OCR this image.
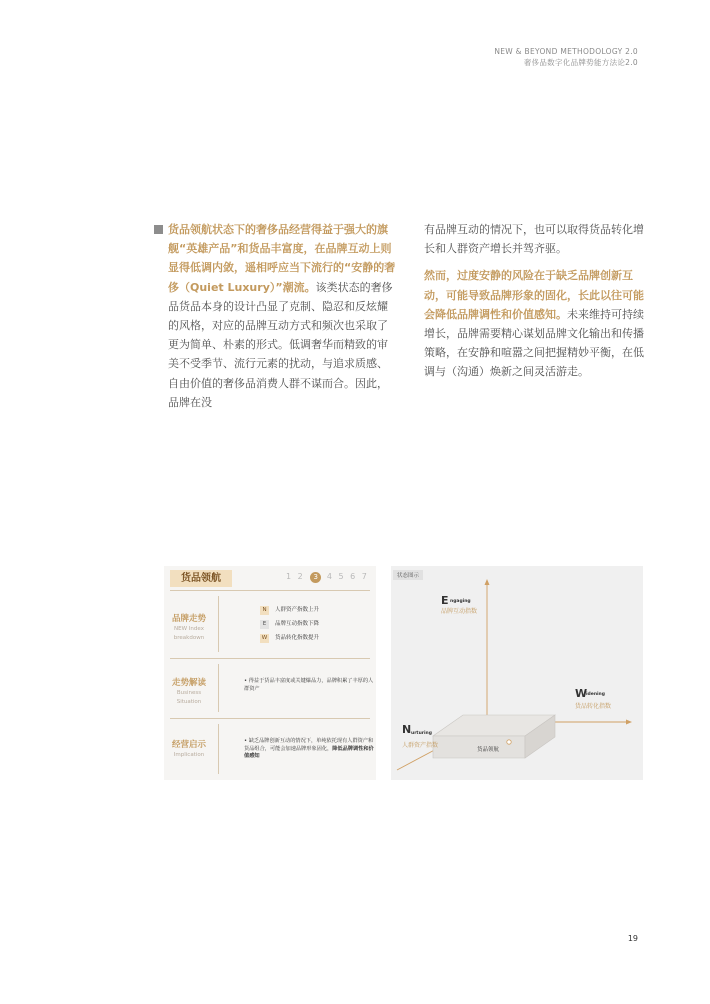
NEW & BEYOND METHODOLOGY 2.0
奢侈品数字化品牌势能方法论2.0
货品领航状态下的奢侈品经营得益于强大的旗舰“英雄产品”和货品丰富度，在品牌互动上则显得低调内敛，遥相呼应当下流行的“安静的奢侈（Quiet Luxury）”潮流。该类状态的奢侈品货品本身的设计凸显了克制、隐忍和反炫耀的风格，对应的品牌互动方式和频次也采取了更为简单、朴素的形式。低调奢华而精致的审美不受季节、流行元素的扰动，与追求质感、自由价值的奢侈品消费人群不谋而合。因此，品牌在没
有品牌互动的情况下，也可以取得货品转化增长和人群资产增长并驾齐驱。
然而，过度安静的风险在于缺乏品牌创新互动，可能导致品牌形象的固化，长此以往可能会降低品牌调性和价值感知。未来维持可持续增长，品牌需要精心谋划品牌文化输出和传播策略，在安静和喧嚣之间把握精妙平衡，在低调与（沟通）焕新之间灵活游走。
货品领航	1 2 3 4 5 6 7
品牌走势
NEW Index
breakdown
走势解读
Business
Situation
经营启示
Implication
N 人群资产指数上升
E 品牌互动指数下降
W 货品转化指数提升
• 得益于货品丰富度或关键爆品力，品牌积累了丰厚的人群资产
• 缺乏品牌创新互动的情况下，单纯依托现有人群资产和货品组合，可能会加速品牌形象固化，降低品牌调性和价值感知
状态图示
E ngaging
品牌互动指数
W
idening
货品转化指数
N urturing
人群资产指数
货品领航
19
